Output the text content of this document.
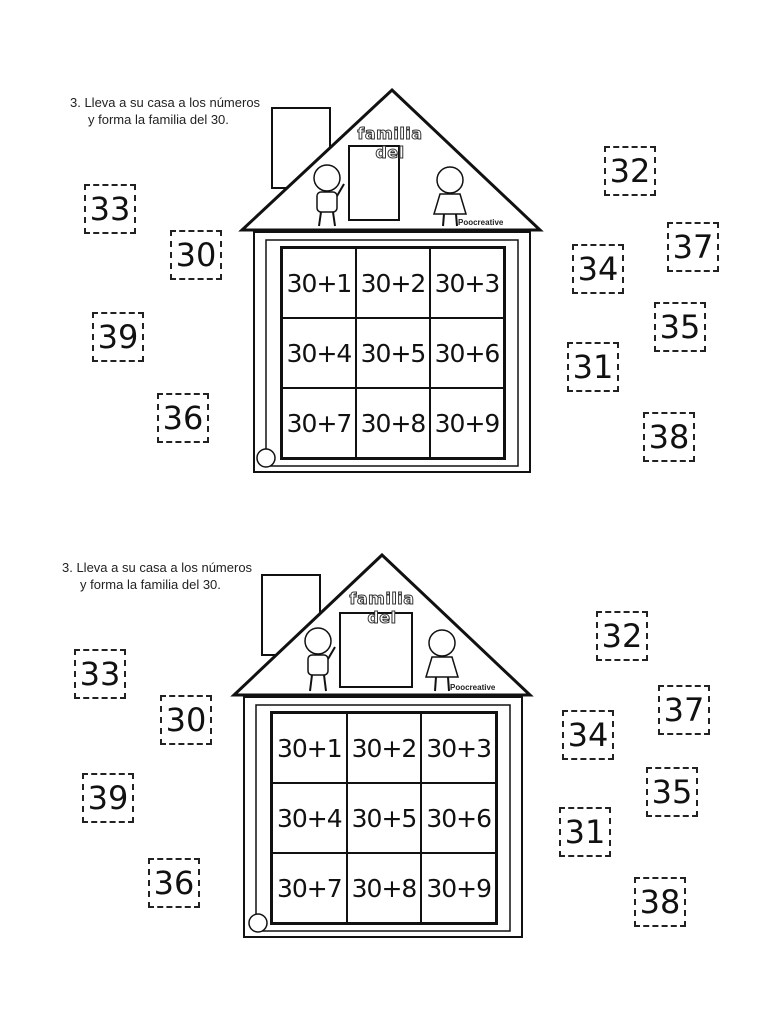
3. Lleva a su casa a los números
y forma la familia del 30.
familia del
Poocreative
30+1 30+2 30+3
30+4 30+5 30+6
30+7 30+8 30+9
33
30
39
36
32
34
37
35
31
38
3. Lleva a su casa a los números
y forma la familia del 30.
familia del
Poocreative
30+1 30+2 30+3
30+4 30+5 30+6
30+7 30+8 30+9
33
30
39
36
32
34
37
35
31
38
